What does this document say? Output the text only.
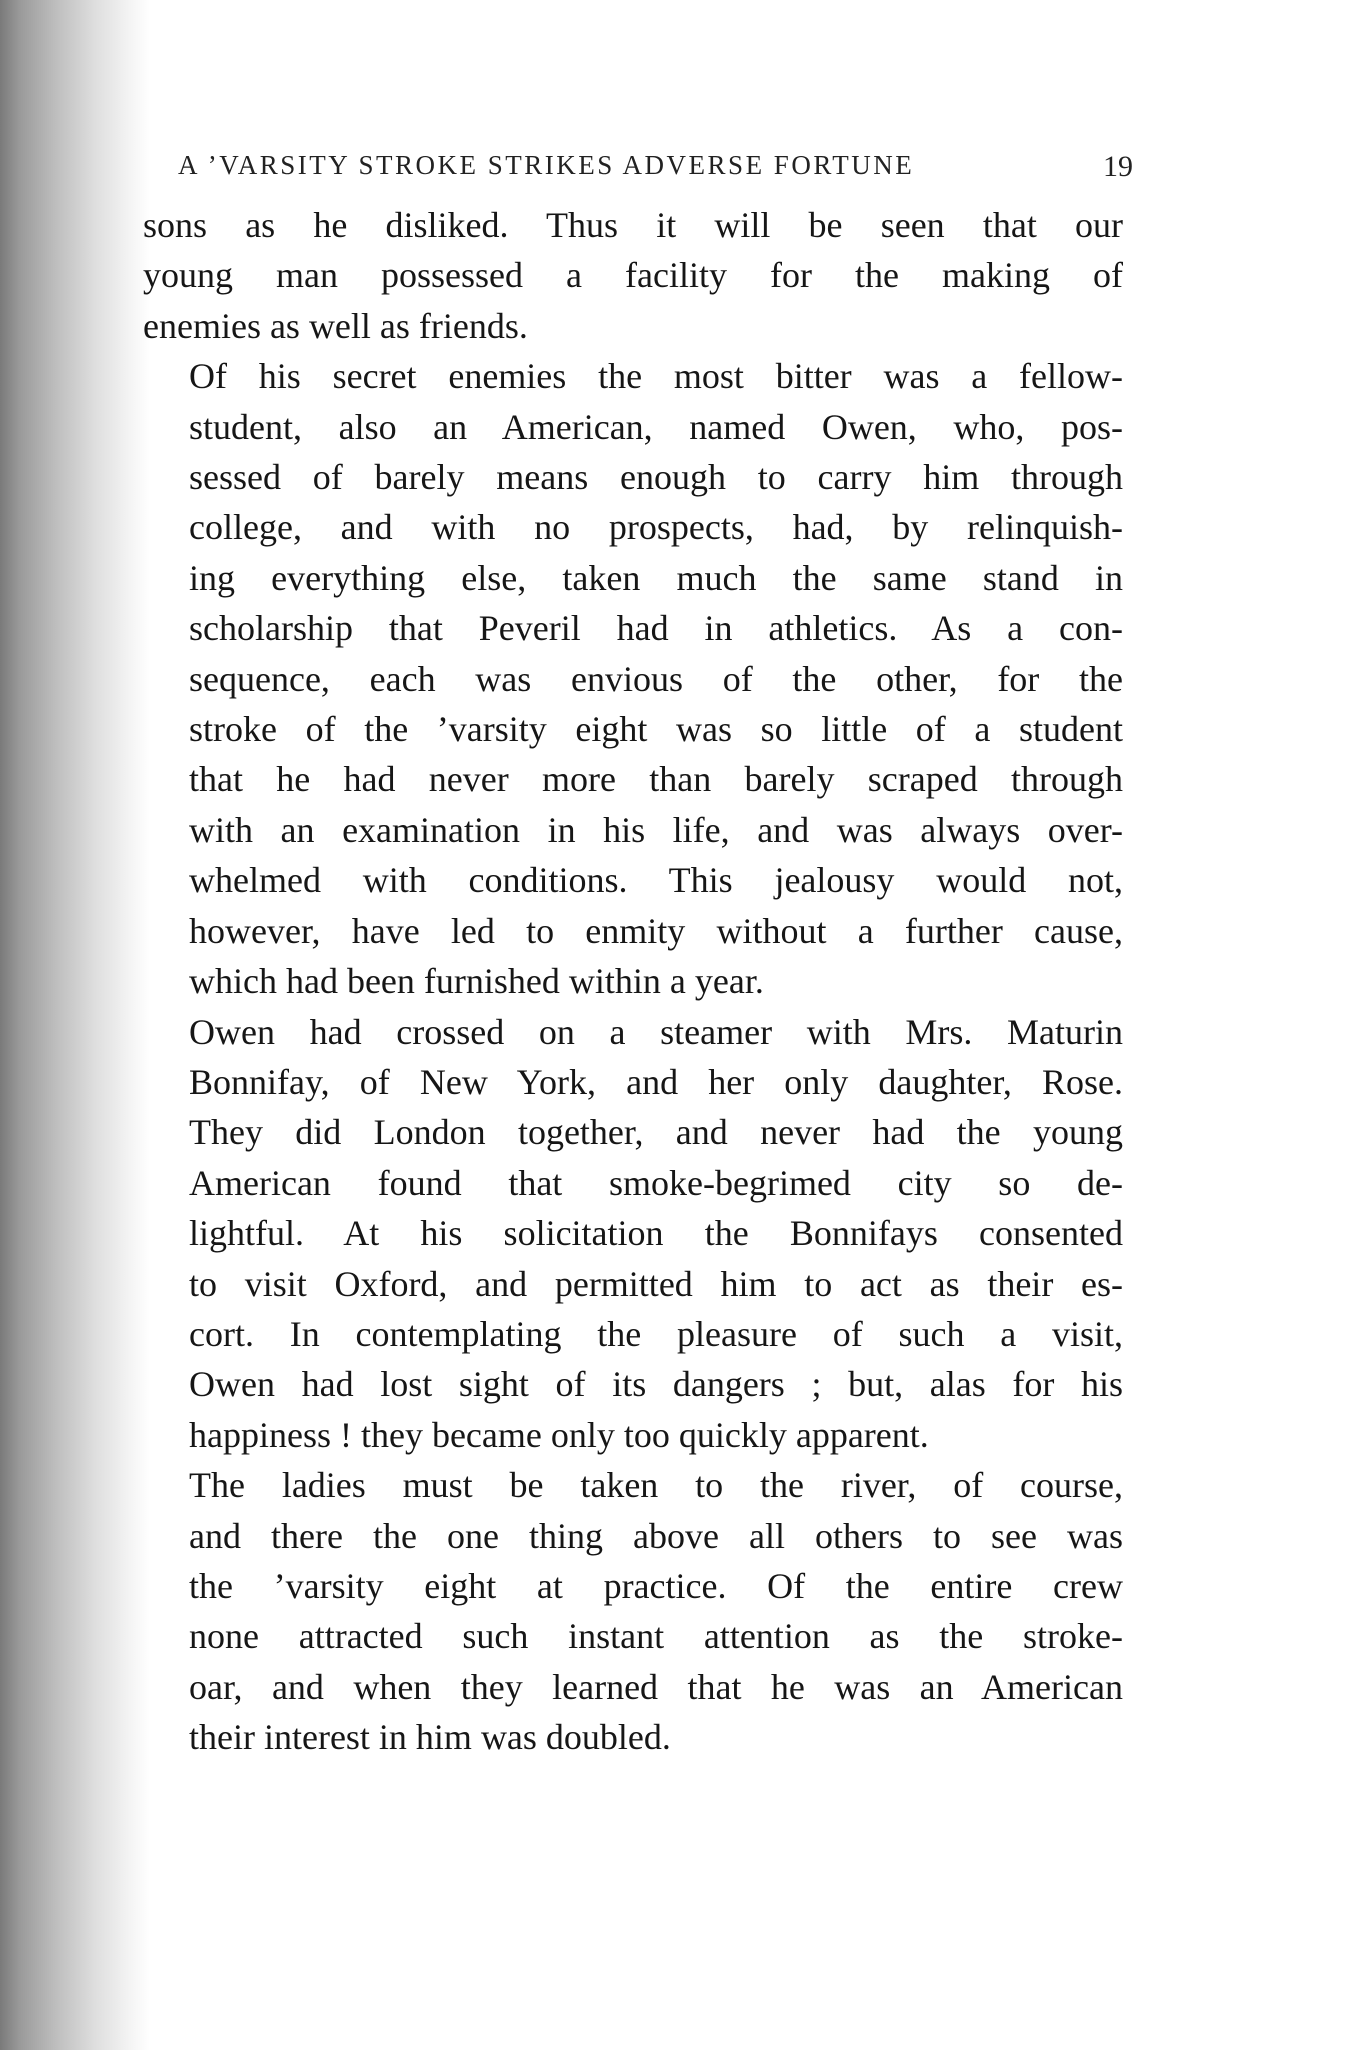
A ’VARSITY STROKE STRIKES ADVERSE FORTUNE	19

sons as he disliked. Thus it will be seen that our
young man possessed a facility for the making of
enemies as well as friends.

Of his secret enemies the most bitter was a fellow-
student, also an American, named Owen, who, pos-
sessed of barely means enough to carry him through
college, and with no prospects, had, by relinquish-
ing everything else, taken much the same stand in
scholarship that Peveril had in athletics. As a con-
sequence, each was envious of the other, for the
stroke of the ’varsity eight was so little of a student
that he had never more than barely scraped through
with an examination in his life, and was always over-
whelmed with conditions. This jealousy would not,
however, have led to enmity without a further cause,
which had been furnished within a year.

Owen had crossed on a steamer with Mrs. Maturin
Bonnifay, of New York, and her only daughter, Rose.
They did London together, and never had the young
American found that smoke-begrimed city so de-
lightful. At his solicitation the Bonnifays consented
to visit Oxford, and permitted him to act as their es-
cort. In contemplating the pleasure of such a visit,
Owen had lost sight of its dangers ; but, alas for his
happiness ! they became only too quickly apparent.

The ladies must be taken to the river, of course,
and there the one thing above all others to see was
the ’varsity eight at practice. Of the entire crew
none attracted such instant attention as the stroke-
oar, and when they learned that he was an American
their interest in him was doubled.
